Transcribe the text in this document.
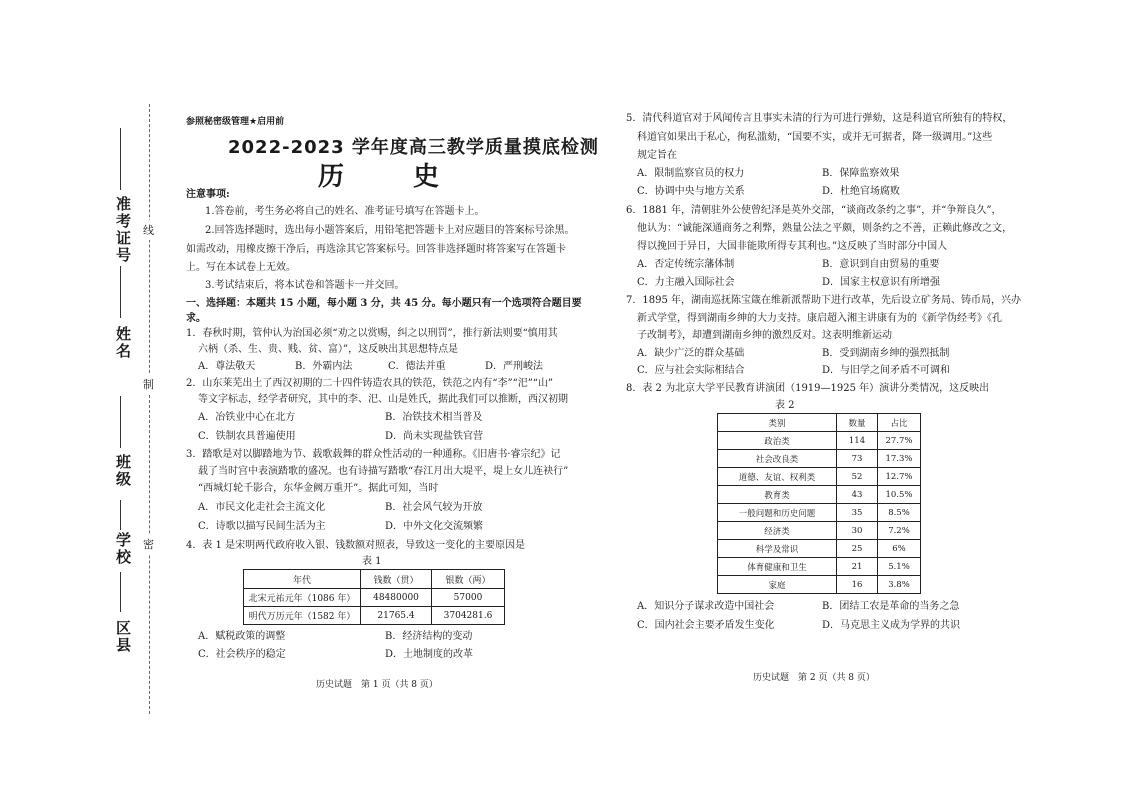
准考证号
姓名
班级
学校
区县
线
制
密
参照秘密级管理★启用前
2022-2023 学年度高三教学质量摸底检测
历 史
注意事项:
1.答卷前，考生务必将自己的姓名、准考证号填写在答题卡上。
2.回答选择题时，选出每小题答案后，用铅笔把答题卡上对应题目的答案标号涂黑。
如需改动，用橡皮擦干净后，再选涂其它答案标号。回答非选择题时将答案写在答题卡
上。写在本试卷上无效。
3.考试结束后，将本试卷和答题卡一并交回。
一、选择题：本题共 15 小题，每小题 3 分，共 45 分。每小题只有一个选项符合题目要
求。
1．春秋时期，管仲认为治国必须“劝之以赏赐，纠之以刑罚”，推行新法则要“慎用其
六柄（杀、生、贵、贱、贫、富）”，这反映出其思想特点是
A．尊法敬天	B．外霸内法	C．德法并重	D．严刑峻法
2．山东莱芜出土了西汉初期的二十四件铸造农具的铁范，铁范之内有“李”“汜”“山”
等文字标志，经学者研究，其中的李、汜、山是姓氏，据此我们可以推断，西汉初期
A．冶铁业中心在北方	B．冶铁技术相当普及
C．铁制农具普遍使用	D．尚未实现盐铁官营
3．踏歌是对以脚踏地为节、载歌载舞的群众性活动的一种通称。《旧唐书·睿宗纪》记
载了当时宫中表演踏歌的盛况。也有诗描写踏歌“春江月出大堤平，堤上女儿连袂行”
“西城灯轮千影合，东华金阙万重开”。据此可知，当时
A．市民文化走社会主流文化	B．社会风气较为开放
C．诗歌以描写民间生活为主	D．中外文化交流频繁
4．表 1 是宋明两代政府收入银、钱数额对照表，导致这一变化的主要原因是
表 1
年代	钱数（贯）	银数（两）
北宋元祐元年（1086 年）	48480000	57000
明代万历元年（1582 年）	21765.4	3704281.6
A．赋税政策的调整	B．经济结构的变动
C．社会秩序的稳定	D．土地制度的改革
历史试题　第 1 页（共 8 页）
5．清代科道官对于风闻传言且事实未清的行为可进行弹劾，这是科道官所独有的特权，
科道官如果出于私心，徇私滥劾，“国要不实，或并无可据者，降一级调用。”这些
规定旨在
A．限制监察官员的权力	B．保障监察效果
C．协调中央与地方关系	D．杜绝官场腐败
6．1881 年，清朝驻外公使曾纪泽是英外交部，“谈商改条约之事”，并“争辩良久”，
他认为：“诚能深通商务之利弊，熟量公法之平颇，则条约之不善，正赖此修改之文，
得以挽回于异日，大国非能欺所得专其利也。”这反映了当时部分中国人
A．否定传统宗藩体制	B．意识到自由贸易的重要
C．力主融入国际社会	D．国家主权意识有所增强
7．1895 年，湖南巡抚陈宝箴在维新派帮助下进行改革，先后设立矿务局、铸币局，兴办
新式学堂，得到湖南乡绅的大力支持。康启超入湘主讲康有为的《新学伪经考》《孔
子改制考》，却遭到湖南乡绅的激烈反对。这表明维新运动
A．缺少广泛的群众基础	B．受到湖南乡绅的强烈抵制
C．应与社会实际相结合	D．与旧学之间矛盾不可调和
8．表 2 为北京大学平民教育讲演团（1919—1925 年）演讲分类情况，这反映出
表 2
类别	数量	占比
政治类	114	27.7%
社会改良类	73	17.3%
道德、友谊、权利类	52	12.7%
教育类	43	10.5%
一般问题和历史问题	35	8.5%
经济类	30	7.2%
科学及常识	25	6%
体育健康和卫生	21	5.1%
家庭	16	3.8%
A．知识分子谋求改造中国社会	B．团结工农是革命的当务之急
C．国内社会主要矛盾发生变化	D．马克思主义成为学界的共识
历史试题　第 2 页（共 8 页）
